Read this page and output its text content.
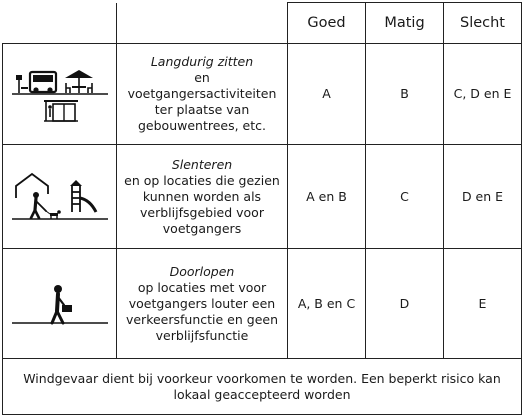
		Goed	Matig	Slecht

Langdurig zitten
en voetgangersactiviteiten ter plaatse van gebouwentrees, etc.	A	B	C, D en E

Slenteren
en op locaties die gezien kunnen worden als verblijfsgebied voor voetgangers	A en B	C	D en E

Doorlopen
op locaties met voor voetgangers louter een verkeersfunctie en geen verblijfsfunctie	A, B en C	D	E
Windgevaar dient bij voorkeur voorkomen te worden. Een beperkt risico kan lokaal geaccepteerd worden				
